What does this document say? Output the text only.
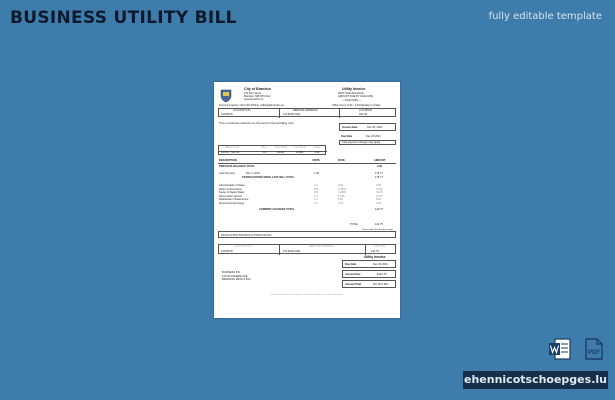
BUSINESS UTILITY BILL	fully editable template
City of Brandon
123 Elm Street
Brandon, MB R7A 6A4
www.brandon.ca
Account inquiries: 204-729-2400 E: utilities@brandon.ca
Utility Invoice
PAST DUE BALANCE
AMOUNT DUE BY DUE DATE
— DUE DATE —
Office hours: 8:30 - 4:30 Monday to Friday
ACCOUNT NO.
12345678
SERVICE ADDRESS
123 MAIN AVE
LOCATION
001-02
This is a business statement for the period of the last billing cycle.
Invoice Date	Nov 30, 2021
Due Date	Dec 20 2021
Late payment charges may apply
Billing Cycle	Days	Prev Read	Curr Read	Usage
Oct 30 - Nov 30	31	12410	12560	150
DESCRIPTION	UNITS	RATE	AMOUNT
PREVIOUS BALANCE TOTAL	0.00
Last Payment	Nov 1, 2021	1.00	176.77
TRANSACTIONS SINCE LAST BILL TOTAL	176.77
Administration Charge	1.0	6.95	6.95
Water Consumption	150	0.4530	67.95
Sewer & Waste Water	150	0.2890	43.35
Storm water service	1.0	12.50	12.50
Wastewater infrastructure	1.0	8.00	8.00
Environmental charge	1.0	4.00	4.00
CURRENT CHARGES TOTAL	142.75
TOTAL	142.75
Please allow five business days
0000123456780000014275006202021
ACCOUNT NO.	SERVICE ADDRESS	AMOUNT
12345678	123 MAIN AVE	142.75
Utility Invoice
Due Date	Dec 20 2021
Amount Due	$142.75
Amount Paid	DO NOT PAY
BUSINESS INC
123 ANYWHERE AVE
BRANDON MB R7A 6A4
Return this portion with payment. Cheques payable to the City of Brandon.
PDF
ehennicotschoepges.lu
